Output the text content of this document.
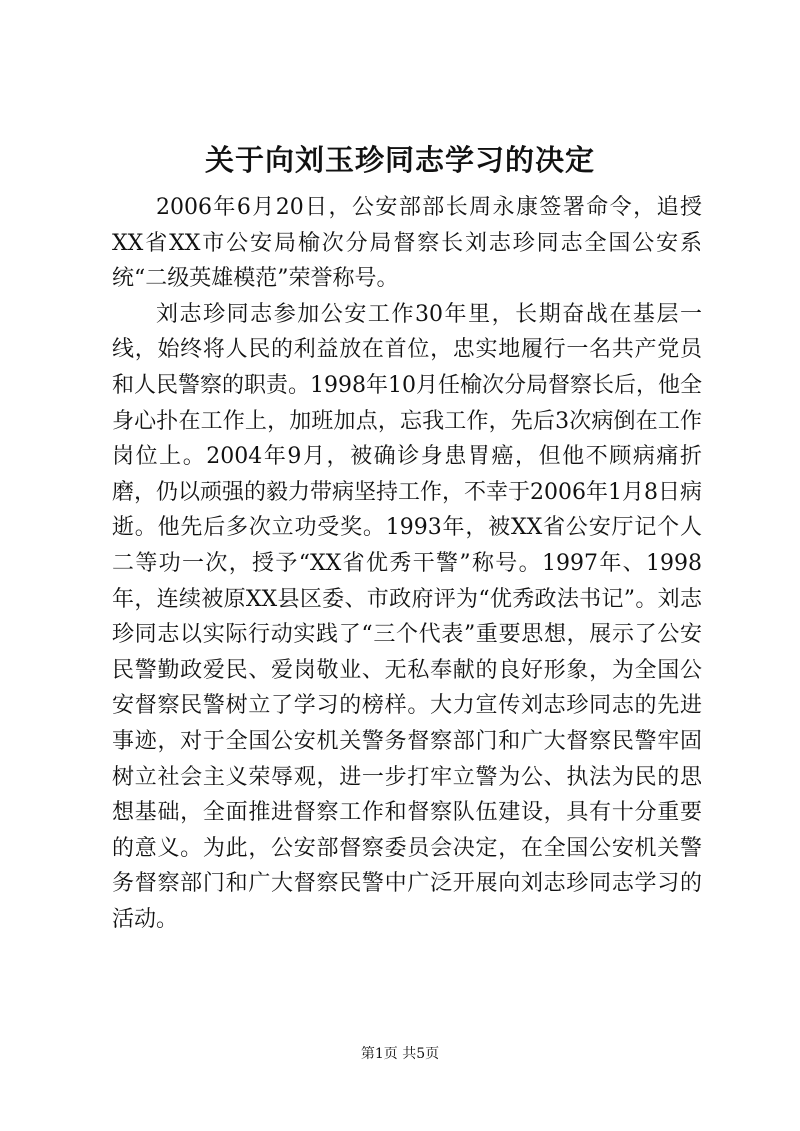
关于向刘玉珍同志学习的决定

2006年6月20日，公安部部长周永康签署命令，追授XX省XX市公安局榆次分局督察长刘志珍同志全国公安系统“二级英雄模范”荣誉称号。

刘志珍同志参加公安工作30年里，长期奋战在基层一线，始终将人民的利益放在首位，忠实地履行一名共产党员和人民警察的职责。1998年10月任榆次分局督察长后，他全身心扑在工作上，加班加点，忘我工作，先后3次病倒在工作岗位上。2004年9月，被确诊身患胃癌，但他不顾病痛折磨，仍以顽强的毅力带病坚持工作，不幸于2006年1月8日病逝。他先后多次立功受奖。1993年，被XX省公安厅记个人二等功一次，授予“XX省优秀干警”称号。1997年、1998年，连续被原XX县区委、市政府评为“优秀政法书记”。刘志珍同志以实际行动实践了“三个代表”重要思想，展示了公安民警勤政爱民、爱岗敬业、无私奉献的良好形象，为全国公安督察民警树立了学习的榜样。大力宣传刘志珍同志的先进事迹，对于全国公安机关警务督察部门和广大督察民警牢固树立社会主义荣辱观，进一步打牢立警为公、执法为民的思想基础，全面推进督察工作和督察队伍建设，具有十分重要的意义。为此，公安部督察委员会决定，在全国公安机关警务督察部门和广大督察民警中广泛开展向刘志珍同志学习的活动。

第1页 共5页
